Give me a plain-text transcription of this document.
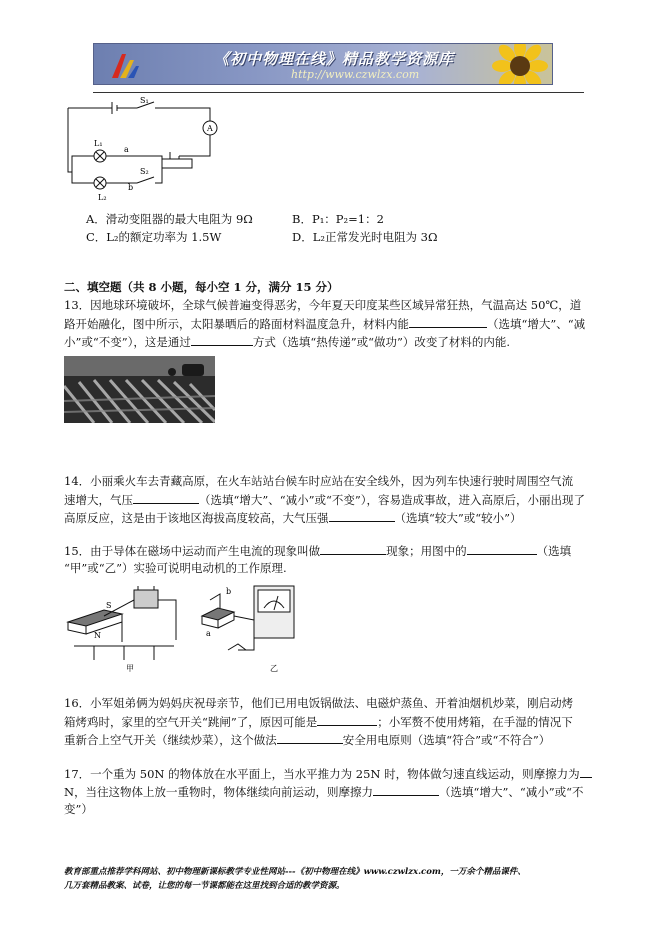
《初中物理在线》精品教学资源库
http://www.czwlzx.com
S₁
A
L₁
a
b
S₂
L₂
A．滑动变阻器的最大电阻为 9Ω	B．P₁：P₂=1：2
C．L₂的额定功率为 1.5W	D．L₂正常发光时电阻为 3Ω
二、填空题（共 8 小题，每小空 1 分，满分 15 分）
13．因地球环境破坏，全球气候普遍变得恶劣，今年夏天印度某些区域异常狂热，气温高达 50℃，道
路开始融化，图中所示，太阳暴晒后的路面材料温度急升，材料内能	（选填“增大”、“减
小”或“不变”），这是通过	方式（选填“热传递”或“做功”）改变了材料的内能.
14．小丽乘火车去青藏高原，在火车站站台候车时应站在安全线外，因为列车快速行驶时周围空气流
速增大，气压	（选填“增大”、“减小”或“不变”），容易造成事故，进入高原后，小丽出现了
高原反应，这是由于该地区海拔高度较高，大气压强	（选填“较大”或“较小”）
15．由于导体在磁场中运动而产生电流的现象叫做	现象；用图中的	（选填
“甲”或“乙”）实验可说明电动机的工作原理.
S
N
甲
b
a
乙
16．小军姐弟俩为妈妈庆祝母亲节，他们已用电饭锅做法、电磁炉蒸鱼、开着油烟机炒菜，刚启动烤
箱烤鸡时，家里的空气开关“跳闸”了，原因可能是	；小军赘不使用烤箱，在手湿的情况下
重新合上空气开关（继续炒菜），这个做法	安全用电原则（选填“符合”或“不符合”）
17．一个重为 50N 的物体放在水平面上，当水平推力为 25N 时，物体做匀速直线运动，则摩擦力为
N，当往这物体上放一重物时，物体继续向前运动，则摩擦力	（选填“增大”、“减小”或“不
变”）
教育部重点推荐学科网站、初中物理新课标教学专业性网站---《初中物理在线》www.czwlzx.com，一万余个精品课件、
几万套精品教案、试卷，让您的每一节课都能在这里找到合适的教学资源。
